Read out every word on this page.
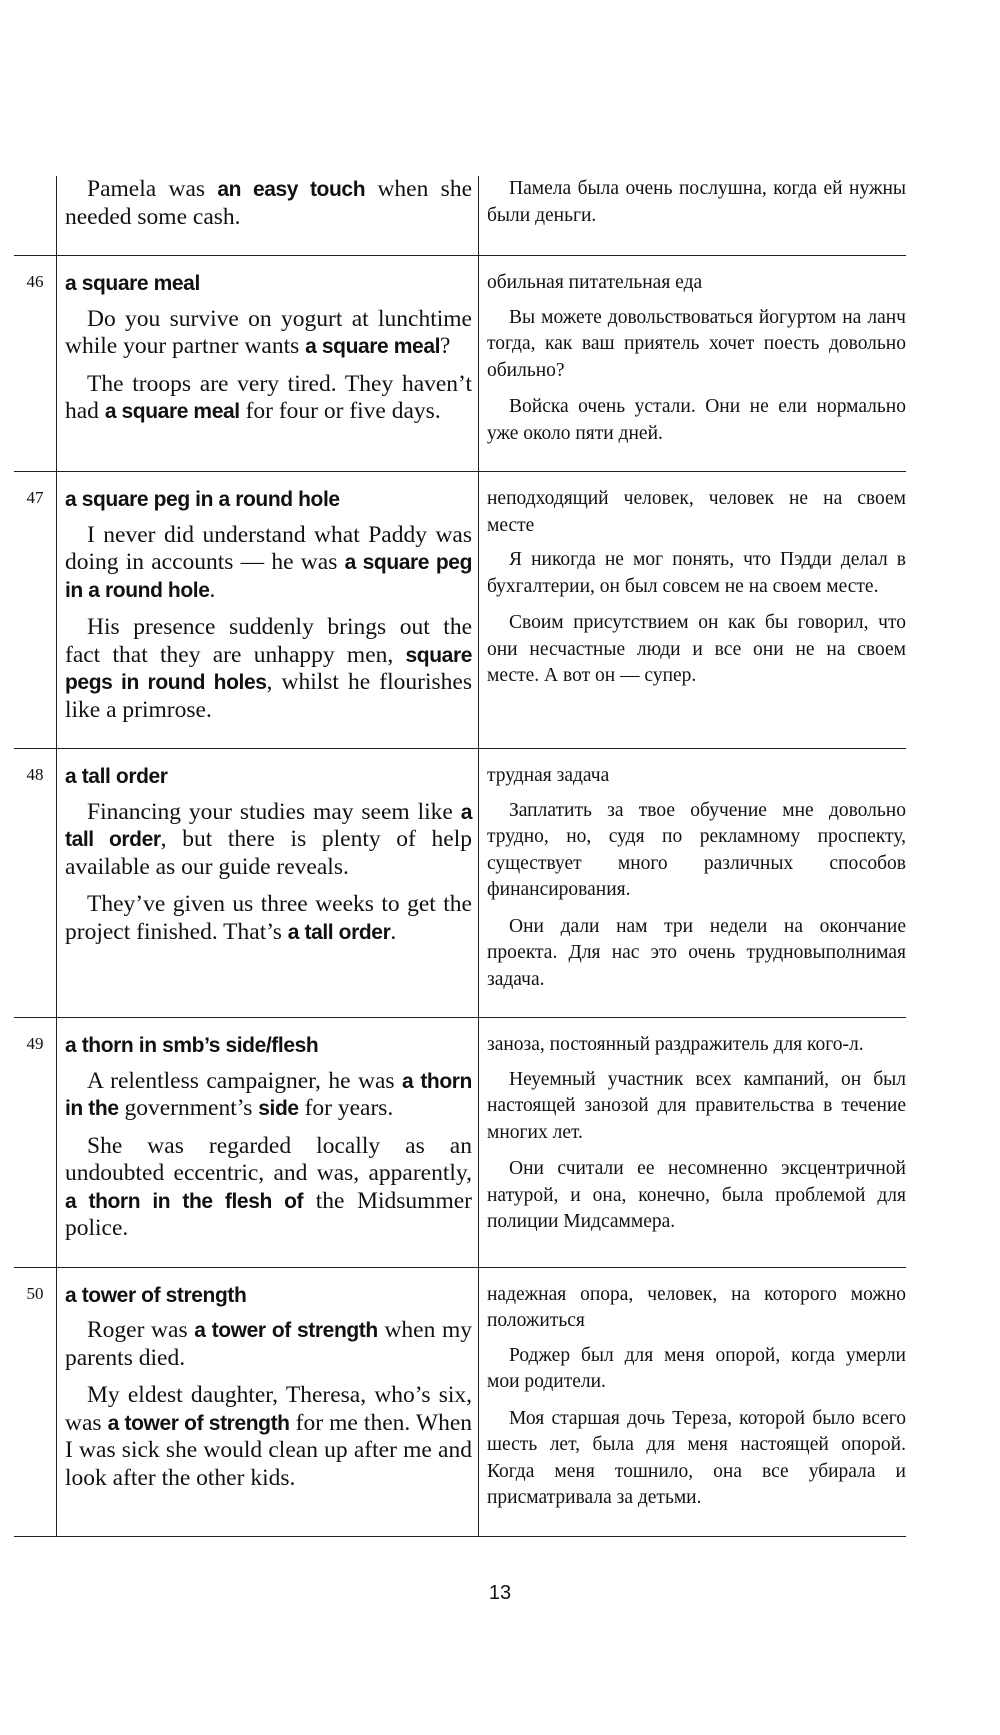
Pamela was an easy touch when she needed some cash.
Памела была очень послушна, когда ей нужны были деньги.
46	a square meal
Do you survive on yogurt at lunchtime while your partner wants a square meal?
The troops are very tired. They haven’t had a square meal for four or five days.
обильная питательная еда
Вы можете довольствоваться йогуртом на ланч тогда, как ваш приятель хочет поесть довольно обильно?
Войска очень устали. Они не ели нормально уже около пяти дней.
47	a square peg in a round hole
I never did understand what Paddy was doing in accounts — he was a square peg in a round hole.
His presence suddenly brings out the fact that they are unhappy men, square pegs in round holes, whilst he flourishes like a primrose.
неподходящий человек, человек не на своем месте
Я никогда не мог понять, что Пэдди делал в бухгалтерии, он был совсем не на своем месте.
Своим присутствием он как бы говорил, что они несчастные люди и все они не на своем месте. А вот он — супер.
48	a tall order
Financing your studies may seem like a tall order, but there is plenty of help available as our guide reveals.
They’ve given us three weeks to get the project finished. That’s a tall order.
трудная задача
Заплатить за твое обучение мне довольно трудно, но, судя по рекламному проспекту, существует много различных способов финансирования.
Они дали нам три недели на окончание проекта. Для нас это очень трудновыполнимая задача.
49	a thorn in smb’s side/flesh
A relentless campaigner, he was a thorn in the government’s side for years.
She was regarded locally as an undoubted eccentric, and was, apparently, a thorn in the flesh of the Midsummer police.
заноза, постоянный раздражитель для кого-л.
Неуемный участник всех кампаний, он был настоящей занозой для правительства в течение многих лет.
Они считали ее несомненно эксцентричной натурой, и она, конечно, была проблемой для полиции Мидсаммера.
50	a tower of strength
Roger was a tower of strength when my parents died.
My eldest daughter, Theresa, who’s six, was a tower of strength for me then. When I was sick she would clean up after me and look after the other kids.
надежная опора, человек, на которого можно положиться
Роджер был для меня опорой, когда умерли мои родители.
Моя старшая дочь Тереза, которой было всего шесть лет, была для меня настоящей опорой. Когда меня тошнило, она все убирала и присматривала за детьми.
13
